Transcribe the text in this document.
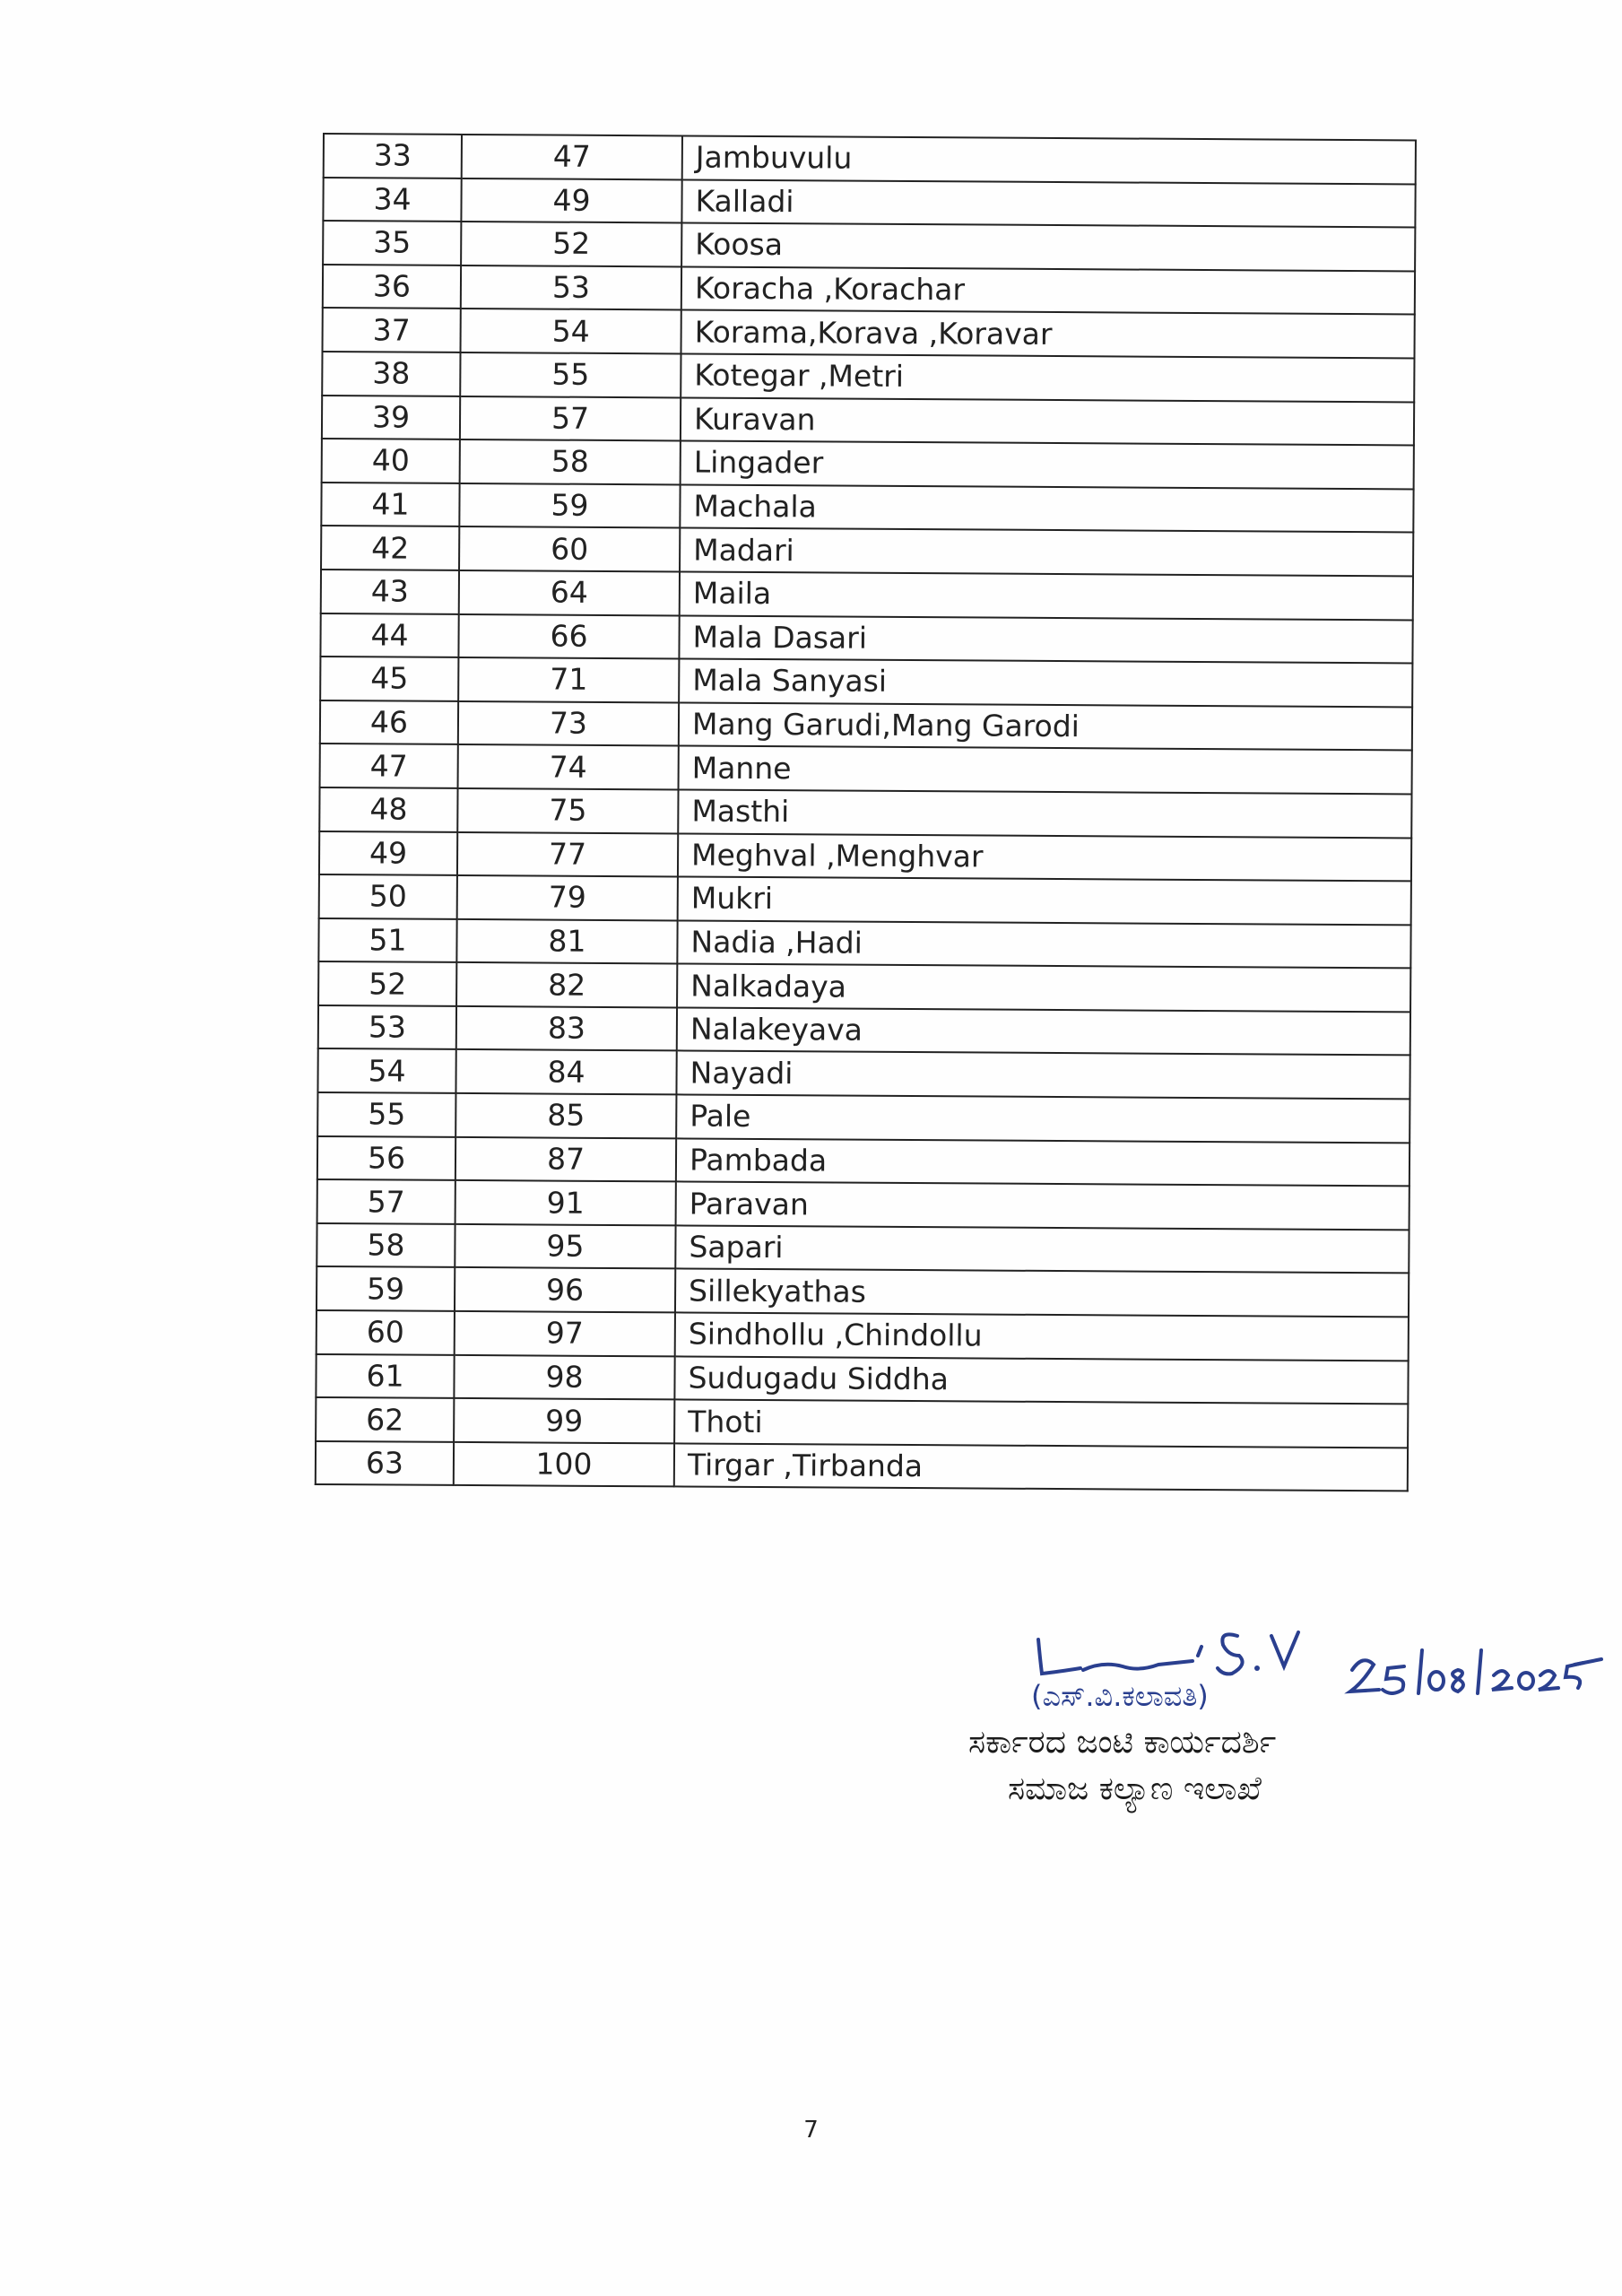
33	47	Jambuvulu
34	49	Kalladi
35	52	Koosa
36	53	Koracha ,Korachar
37	54	Korama,Korava ,Koravar
38	55	Kotegar ,Metri
39	57	Kuravan
40	58	Lingader
41	59	Machala
42	60	Madari
43	64	Maila
44	66	Mala Dasari
45	71	Mala Sanyasi
46	73	Mang Garudi,Mang Garodi
47	74	Manne
48	75	Masthi
49	77	Meghval ,Menghvar
50	79	Mukri
51	81	Nadia ,Hadi
52	82	Nalkadaya
53	83	Nalakeyava
54	84	Nayadi
55	85	Pale
56	87	Pambada
57	91	Paravan
58	95	Sapari
59	96	Sillekyathas
60	97	Sindhollu ,Chindollu
61	98	Sudugadu Siddha
62	99	Thoti
63	100	Tirgar ,Tirbanda
(ಎಸ್.ವಿ.ಕಲಾವತಿ)
ಸರ್ಕಾರದ ಜಂಟಿ ಕಾರ್ಯದರ್ಶಿ
ಸಮಾಜ ಕಲ್ಯಾಣ ಇಲಾಖೆ
7
